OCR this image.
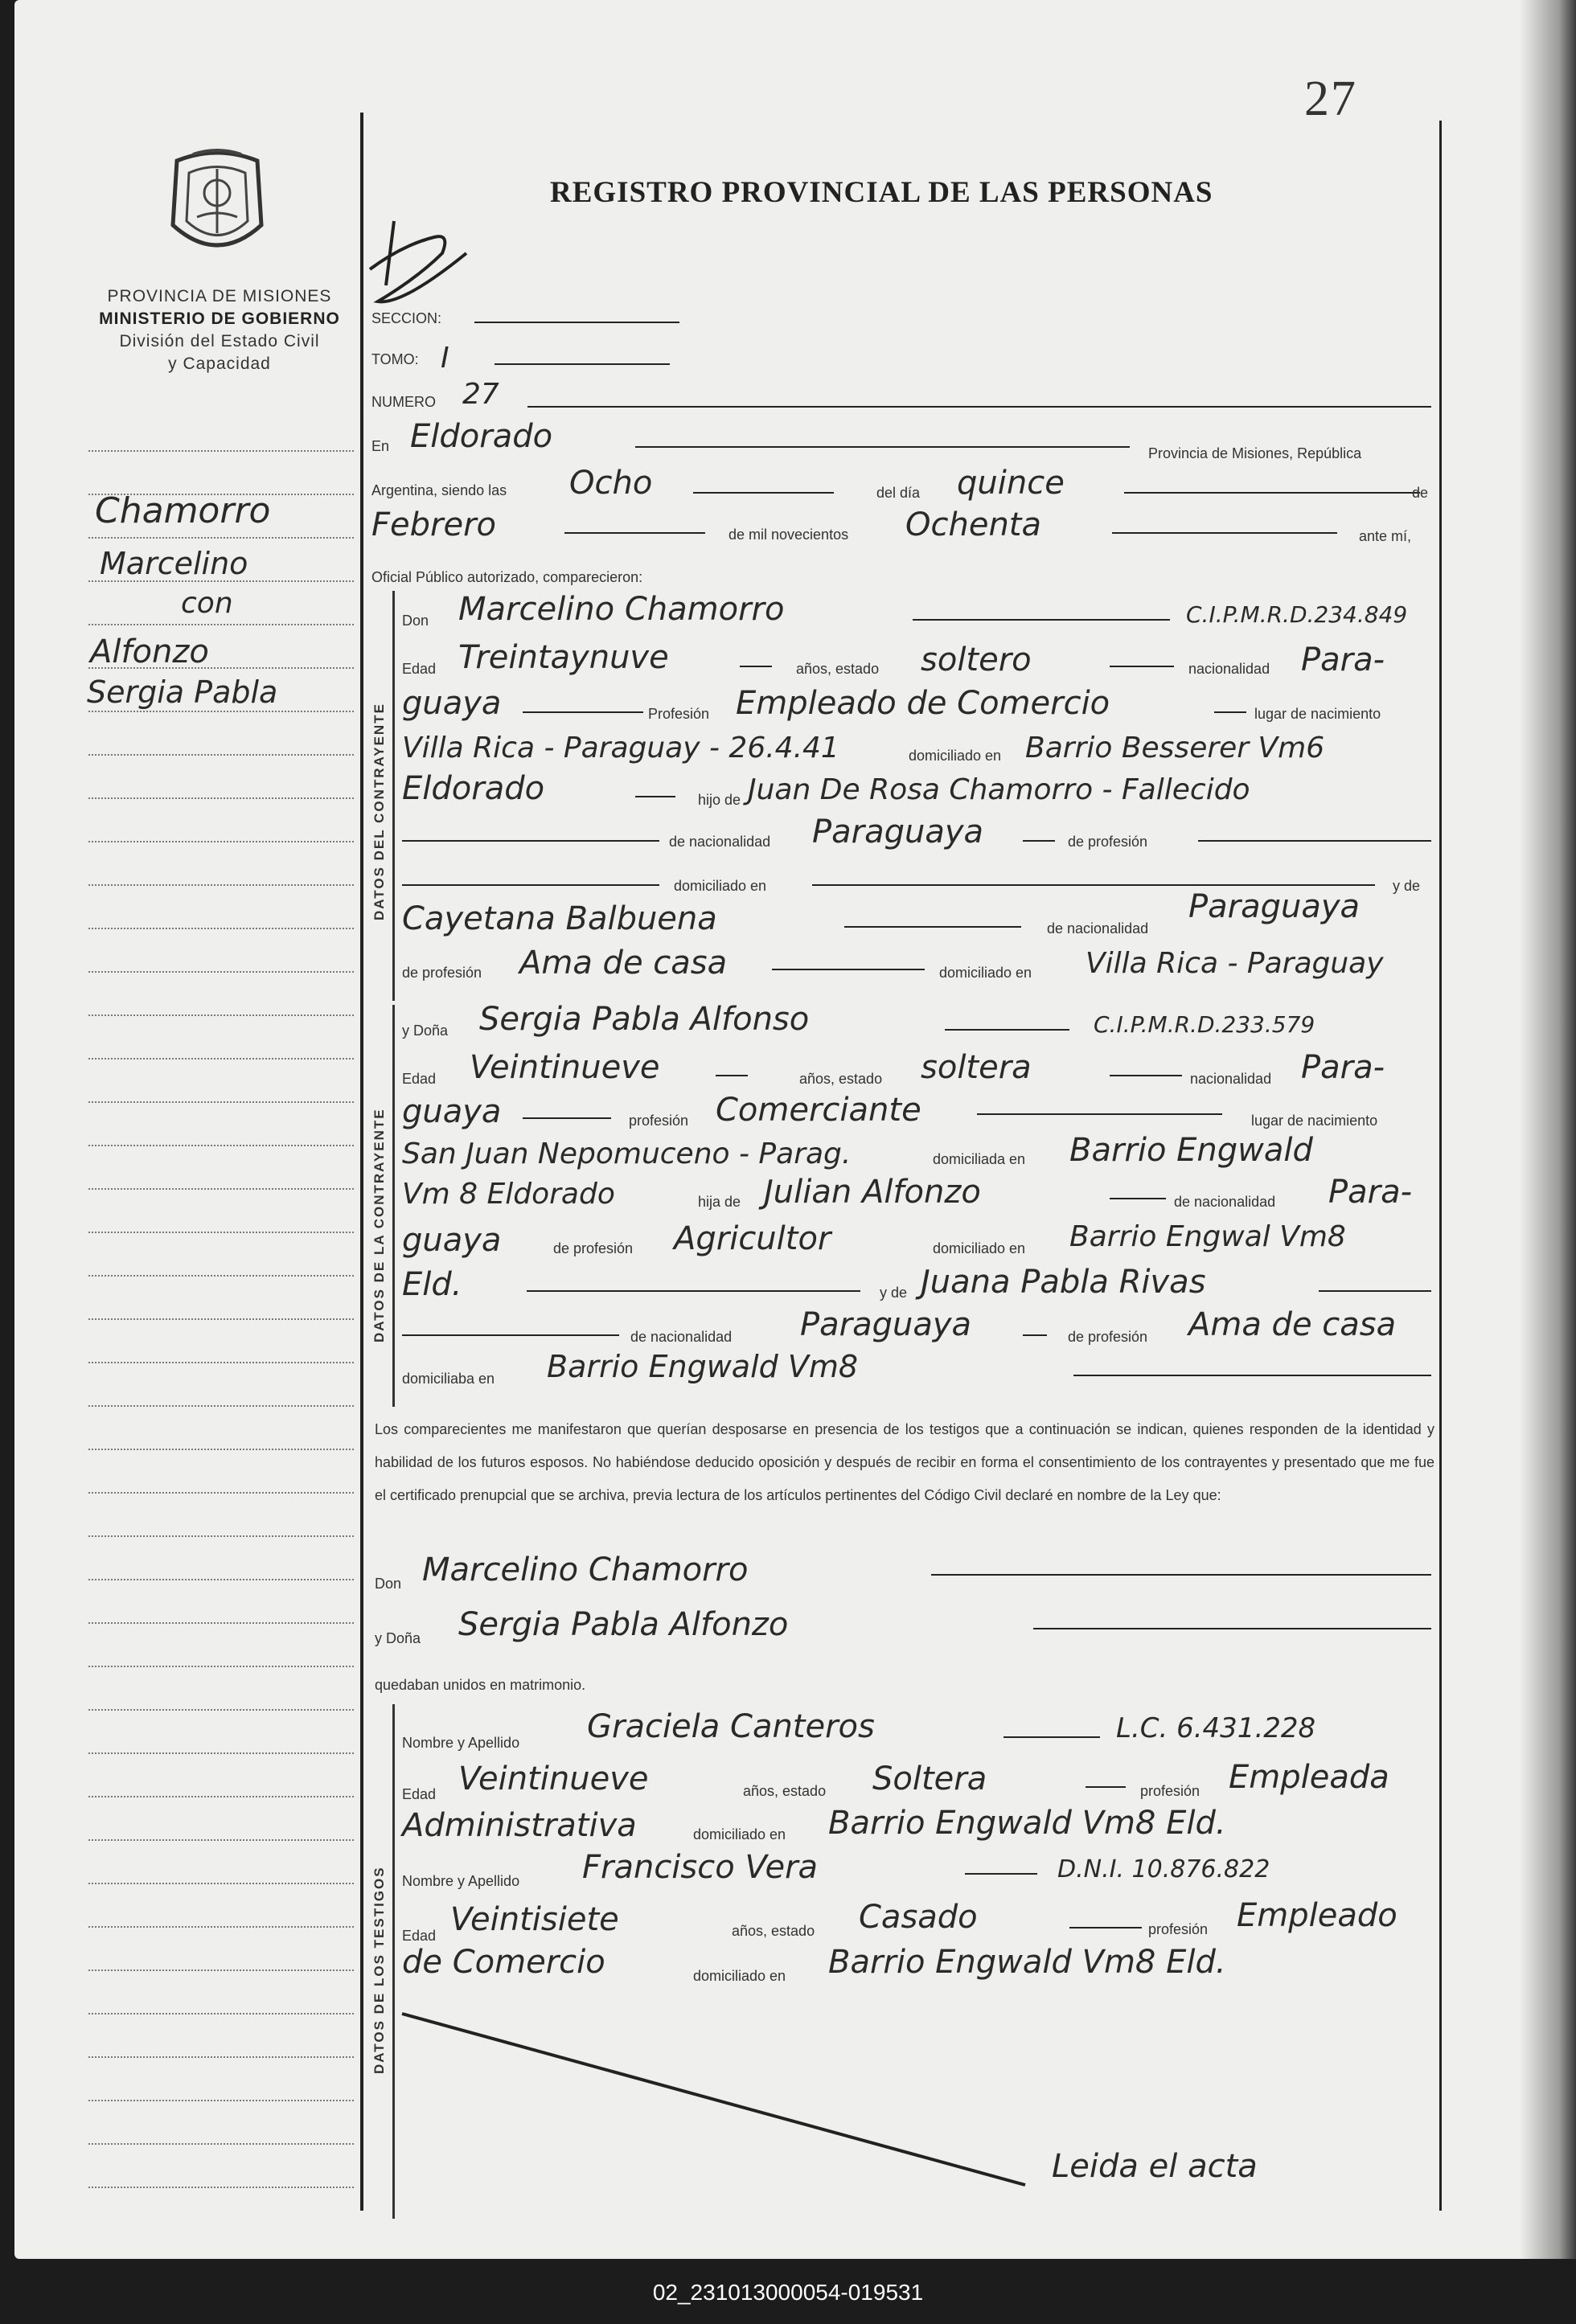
27
PROVINCIA DE MISIONES
MINISTERIO DE GOBIERNO
División del Estado Civil
y Capacidad
REGISTRO PROVINCIAL DE LAS PERSONAS
Chamorro
Marcelino
con
Alfonzo
Sergia Pabla
SECCION:
TOMO: I
NUMERO 27
En Eldorado	Provincia de Misiones, República
Argentina, siendo las Ocho	del día quince	de
Febrero	de mil novecientos Ochenta	ante mí,
Oficial Público autorizado, comparecieron:
DATOS DEL CONTRAYENTE
DATOS DE LA CONTRAYENTE
DATOS DE LOS TESTIGOS
Don Marcelino Chamorro	C.I.P.M.R.D.234.849
Edad Treintaynuve	años, estado soltero	nacionalidad Para-
guaya	Profesión Empleado de Comercio	lugar de nacimiento
Villa Rica - Paraguay - 26.4.41	domiciliado en Barrio Besserer Vm6
Eldorado	hijo de Juan De Rosa Chamorro - Fallecido
de nacionalidad Paraguaya	de profesión
domiciliado en	y de
Cayetana Balbuena	de nacionalidad
Paraguaya
de profesión Ama de casa	domiciliado en Villa Rica - Paraguay
y Doña Sergia Pabla Alfonso	C.I.P.M.R.D.233.579
Edad Veintinueve	años, estado soltera	nacionalidad Para-
guaya	profesión Comerciante	lugar de nacimiento
San Juan Nepomuceno - Parag.	domiciliada en Barrio Engwald
Vm 8 Eldorado	hija de Julian Alfonzo	de nacionalidad Para-
guaya	de profesión Agricultor	domiciliado en Barrio Engwal Vm8
Eld.	y de Juana Pabla Rivas
de nacionalidad Paraguaya	de profesión Ama de casa
domiciliaba en Barrio Engwald Vm8
Los comparecientes me manifestaron que querían desposarse en presencia de los testigos que a continuación se indican, quienes responden de la identidad y habilidad de los futuros esposos. No habiéndose deducido oposición y después de recibir en forma el consentimiento de los contrayentes y presentado que me fue el certificado prenupcial que se archiva, previa lectura de los artículos pertinentes del Código Civil declaré en nombre de la Ley que:
Don Marcelino Chamorro
y Doña Sergia Pabla Alfonzo
quedaban unidos en matrimonio.
Nombre y Apellido Graciela Canteros	L.C. 6.431.228
Edad Veintinueve	años, estado Soltera	profesión Empleada
Administrativa	domiciliado en Barrio Engwald Vm8 Eld.
Nombre y Apellido Francisco Vera	D.N.I. 10.876.822
Edad Veintisiete	años, estado Casado	profesión Empleado
de Comercio	domiciliado en Barrio Engwald Vm8 Eld.
Leida el acta
02_231013000054-019531
